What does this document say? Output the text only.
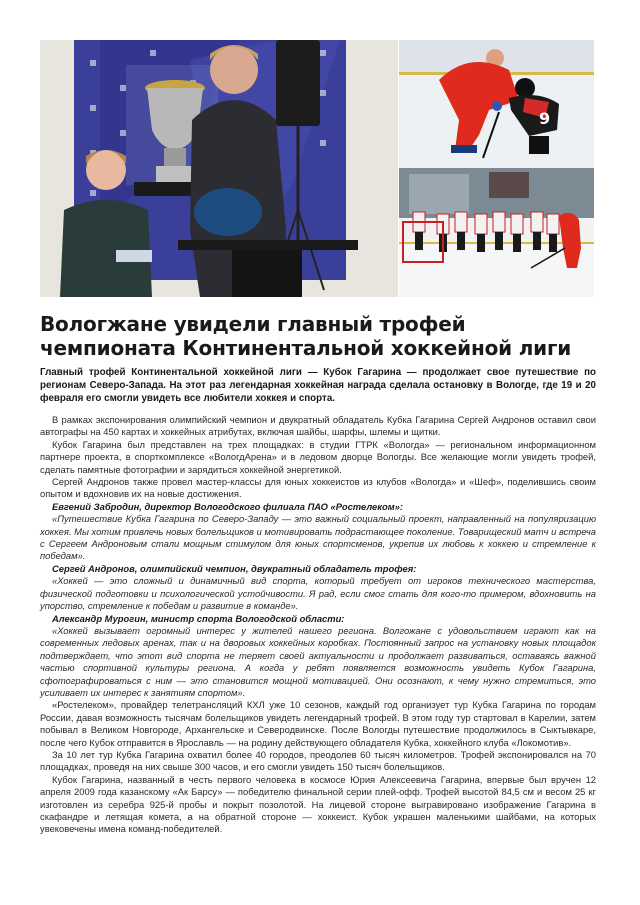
9
Вологжане увидели главный трофей чемпионата Континентальной хоккейной лиги

Главный трофей Континентальной хоккейной лиги — Кубок Гагарина — продолжает свое путешествие по регионам Северо-Запада. На этот раз легендарная хоккейная награда сделала остановку в Вологде, где 19 и 20 февраля его смогли увидеть все любители хоккея и спорта.

В рамках экспонирования олимпийский чемпион и двукратный обладатель Кубка Гагарина Сергей Андронов оставил свои автографы на 450 картах и хоккейных атрибутах, включая шайбы, шарфы, шлемы и щитки.

Кубок Гагарина был представлен на трех площадках: в студии ГТРК «Вологда» — региональном информационном партнере проекта, в спорткомплексе «ВологдАрена» и в ледовом дворце Вологды. Все желающие могли увидеть трофей, сделать памятные фотографии и зарядиться хоккейной энергетикой.

Сергей Андронов также провел мастер-классы для юных хоккеистов из клубов «Вологда» и «Шеф», поделившись своим опытом и вдохновив их на новые достижения.

Евгений Забродин, директор Вологодского филиала ПАО «Ростелеком»:

«Путешествие Кубка Гагарина по Северо-Западу — это важный социальный проект, направленный на популяризацию хоккея. Мы хотим привлечь новых болельщиков и мотивировать подрастающее поколение. Товарищеский матч и встреча с Сергеем Андроновым стали мощным стимулом для юных спортсменов, укрепив их любовь к хоккею и стремление к победам».

Сергей Андронов, олимпийский чемпион, двукратный обладатель трофея:

«Хоккей — это сложный и динамичный вид спорта, который требует от игроков технического мастерства, физической подготовки и психологической устойчивости. Я рад, если смог стать для кого-то примером, вдохновить на упорство, стремление к победам и развитие в команде».

Александр Мурогин, министр спорта Вологодской области:

«Хоккей вызывает огромный интерес у жителей нашего региона. Волгожане с удовольствием играют как на современных ледовых аренах, так и на дворовых хоккейных коробках. Постоянный запрос на установку новых площадок подтверждает, что этот вид спорта не теряет своей актуальности и продолжает развиваться, оставаясь важной частью спортивной культуры региона. А когда у ребят появляется возможность увидеть Кубок Гагарина, сфотографироваться с ним — это становится мощной мотивацией. Они осознают, к чему нужно стремиться, это усиливает их интерес к занятиям спортом».

«Ростелеком», провайдер телетрансляций КХЛ уже 10 сезонов, каждый год организует тур Кубка Гагарина по городам России, давая возможность тысячам болельщиков увидеть легендарный трофей. В этом году тур стартовал в Карелии, затем побывал в Великом Новгороде, Архангельске и Северодвинске. После Вологды путешествие продолжилось в Сыктывкаре, после чего Кубок отправится в Ярославль — на родину действующего обладателя Кубка, хоккейного клуба «Локомотив».

За 10 лет тур Кубка Гагарина охватил более 40 городов, преодолев 60 тысяч километров. Трофей экспонировался на 70 площадках, проведя на них свыше 300 часов, и его смогли увидеть 150 тысяч болельщиков.

Кубок Гагарина, названный в честь первого человека в космосе Юрия Алексеевича Гагарина, впервые был вручен 12 апреля 2009 года казанскому «Ак Барсу» — победителю финальной серии плей-офф. Трофей высотой 84,5 см и весом 25 кг изготовлен из серебра 925-й пробы и покрыт позолотой. На лицевой стороне выгравировано изображение Гагарина в скафандре и летящая комета, а на обратной стороне — хоккеист. Кубок украшен маленькими шайбами, на которых увековечены имена команд-победителей.
